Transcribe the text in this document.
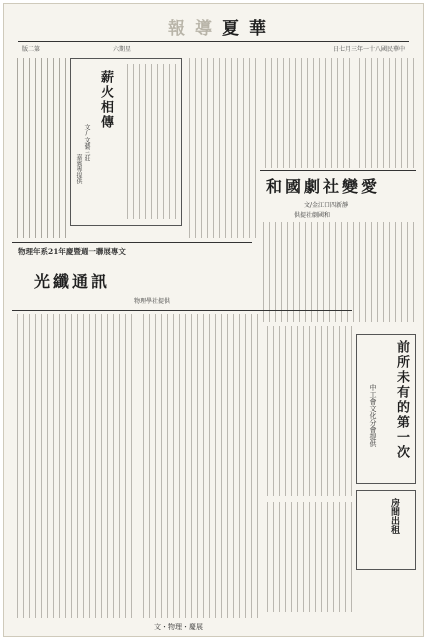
報導夏華
版二第	六期星	日七月三年一十八國民華中
薪火相傳
文/文藝三莊
嘉賓專提供
和國劇社變愛
文/金江口四新靜
供提社劇國和
物理年系21年慶暨週一聯展專文
光纖通訊
物理學社提供
前所未有的第一次
中工會文化分會提供
房間出租
文・物理・慶展
